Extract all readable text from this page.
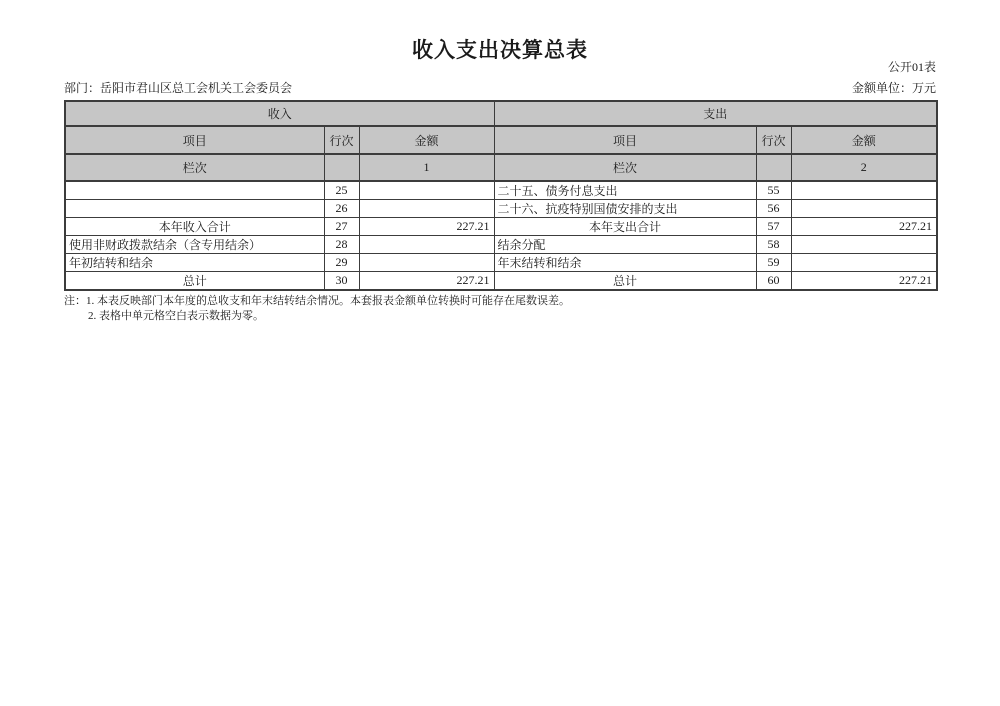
收入支出决算总表
公开01表
部门：岳阳市君山区总工会机关工会委员会	金额单位：万元
收入			支出		
项目	行次	金额	项目	行次	金额
栏次		1	栏次		2
	25		二十五、债务付息支出	55	
	26		二十六、抗疫特别国债安排的支出	56	
本年收入合计	27	227.21	本年支出合计	57	227.21
使用非财政拨款结余（含专用结余）	28		结余分配	58	
年初结转和结余	29		年末结转和结余	59	
总计	30	227.21	总计	60	227.21
注：1. 本表反映部门本年度的总收支和年末结转结余情况。本套报表金额单位转换时可能存在尾数误差。
2. 表格中单元格空白表示数据为零。
